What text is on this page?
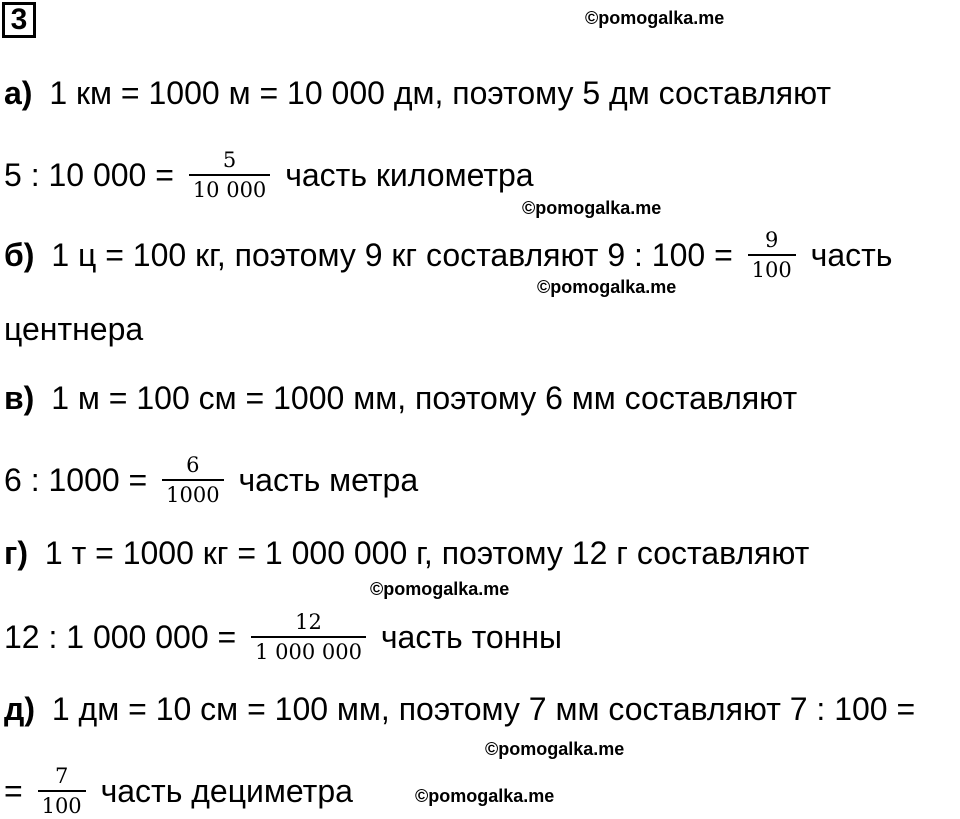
3	©pomogalka.me
©pomogalka.me
©pomogalka.me
©pomogalka.me
©pomogalka.me
©pomogalka.me
а) 1 км = 1000 м = 10 000 дм, поэтому 5 дм составляют
5 : 10 $000 = \frac{5}{10 000}$ часть километра
б) 1 ц = 100 кг, поэтому 9 кг составляют 9 : $100 = \frac{9}{100}$ часть
центнера
в) 1 м = 100 см = 1000 мм, поэтому 6 мм составляют
6 : $1000 = \frac{6}{1000}$ часть метра
г) 1 т = 1000 кг = 1 000 000 г, поэтому 12 г составляют
12 : 1 000 $000 = \frac{12}{1 000 000}$ часть тонны
д) 1 дм = 10 см = 100 мм, поэтому 7 мм составляют 7 : 100 =
= $\frac{7}{100}$ часть дециметра
